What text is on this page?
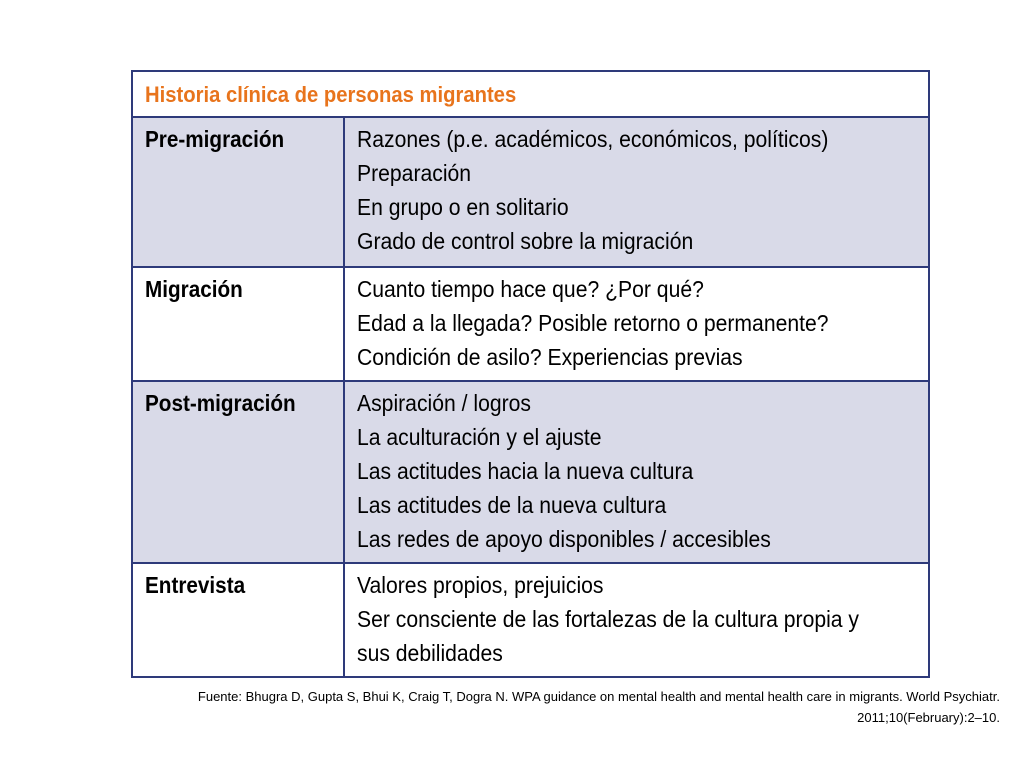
Historia clínica de personas migrantes	

Pre-migración	Razones (p.e. académicos, económicos, políticos)
Preparación
En grupo o en solitario
Grado de control sobre la migración

Migración	Cuanto tiempo hace que? ¿Por qué?
Edad a la llegada? Posible retorno o permanente?
Condición de asilo? Experiencias previas

Post-migración	Aspiración / logros
La aculturación y el ajuste
Las actitudes hacia la nueva cultura
Las actitudes de la nueva cultura
Las redes de apoyo disponibles / accesibles

Entrevista	Valores propios, prejuicios
Ser consciente de las fortalezas de la cultura propia y
sus debilidades
Fuente: Bhugra D, Gupta S, Bhui K, Craig T, Dogra N. WPA guidance on mental health and mental health care in migrants. World Psychiatr.
2011;10(February):2–10.
